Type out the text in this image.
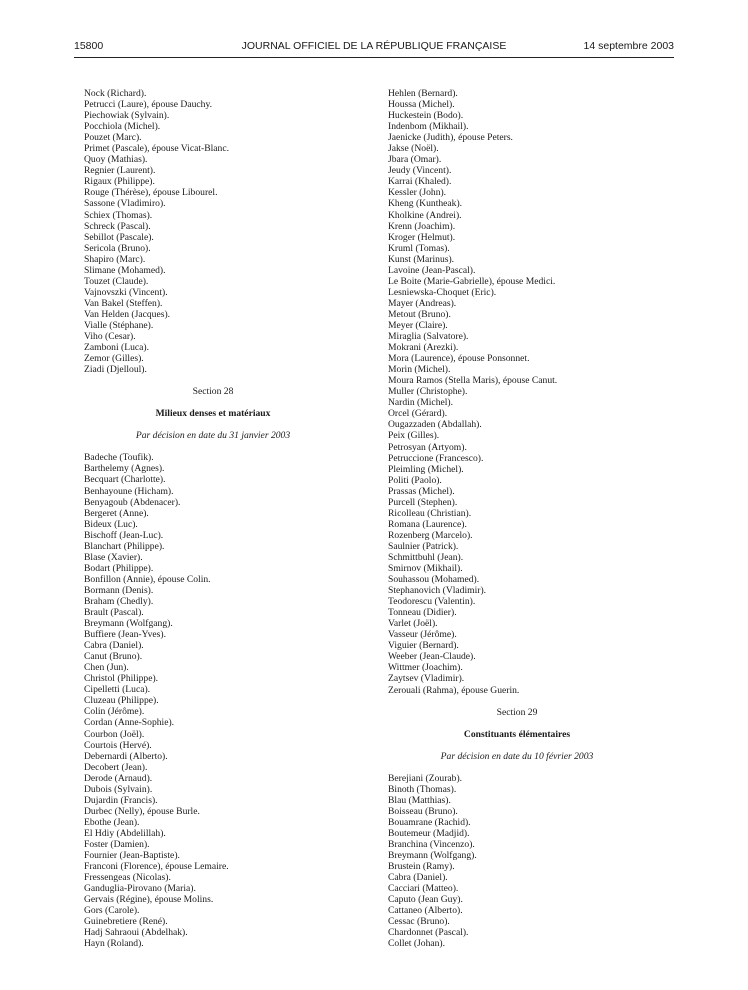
15800	JOURNAL OFFICIEL DE LA RÉPUBLIQUE FRANÇAISE	14 septembre 2003
Nock (Richard).
Petrucci (Laure), épouse Dauchy.
Piechowiak (Sylvain).
Pocchiola (Michel).
Pouzet (Marc).
Primet (Pascale), épouse Vicat-Blanc.
Quoy (Mathias).
Regnier (Laurent).
Rigaux (Philippe).
Rouge (Thérèse), épouse Libourel.
Sassone (Vladimiro).
Schiex (Thomas).
Schreck (Pascal).
Sebillot (Pascale).
Sericola (Bruno).
Shapiro (Marc).
Slimane (Mohamed).
Touzet (Claude).
Vajnovszki (Vincent).
Van Bakel (Steffen).
Van Helden (Jacques).
Vialle (Stéphane).
Viho (Cesar).
Zamboni (Luca).
Zemor (Gilles).
Ziadi (Djelloul).
Section 28
Milieux denses et matériaux
Par décision en date du 31 janvier 2003
Badeche (Toufik).
Barthelemy (Agnes).
Becquart (Charlotte).
Benhayoune (Hicham).
Benyagoub (Abdenacer).
Bergeret (Anne).
Bideux (Luc).
Bischoff (Jean-Luc).
Blanchart (Philippe).
Blase (Xavier).
Bodart (Philippe).
Bonfillon (Annie), épouse Colin.
Bormann (Denis).
Braham (Chedly).
Brault (Pascal).
Breymann (Wolfgang).
Buffiere (Jean-Yves).
Cabra (Daniel).
Canut (Bruno).
Chen (Jun).
Christol (Philippe).
Cipelletti (Luca).
Cluzeau (Philippe).
Colin (Jérôme).
Cordan (Anne-Sophie).
Courbon (Joël).
Courtois (Hervé).
Debernardi (Alberto).
Decobert (Jean).
Derode (Arnaud).
Dubois (Sylvain).
Dujardin (Francis).
Durbec (Nelly), épouse Burle.
Ebothe (Jean).
El Hdiy (Abdelillah).
Foster (Damien).
Fournier (Jean-Baptiste).
Franconi (Florence), épouse Lemaire.
Fressengeas (Nicolas).
Ganduglia-Pirovano (Maria).
Gervais (Régine), épouse Molins.
Gors (Carole).
Guinebretiere (René).
Hadj Sahraoui (Abdelhak).
Hayn (Roland).
Hehlen (Bernard).
Houssa (Michel).
Huckestein (Bodo).
Indenbom (Mikhail).
Jaenicke (Judith), épouse Peters.
Jakse (Noël).
Jbara (Omar).
Jeudy (Vincent).
Karrai (Khaled).
Kessler (John).
Kheng (Kuntheak).
Kholkine (Andrei).
Krenn (Joachim).
Kroger (Helmut).
Kruml (Tomas).
Kunst (Marinus).
Lavoine (Jean-Pascal).
Le Boite (Marie-Gabrielle), épouse Medici.
Lesniewska-Choquet (Eric).
Mayer (Andreas).
Metout (Bruno).
Meyer (Claire).
Miraglia (Salvatore).
Mokrani (Arezki).
Mora (Laurence), épouse Ponsonnet.
Morin (Michel).
Moura Ramos (Stella Maris), épouse Canut.
Muller (Christophe).
Nardin (Michel).
Orcel (Gérard).
Ougazzaden (Abdallah).
Peix (Gilles).
Petrosyan (Artyom).
Petruccione (Francesco).
Pleimling (Michel).
Politi (Paolo).
Prassas (Michel).
Purcell (Stephen).
Ricolleau (Christian).
Romana (Laurence).
Rozenberg (Marcelo).
Saulnier (Patrick).
Schmittbuhl (Jean).
Smirnov (Mikhail).
Souhassou (Mohamed).
Stephanovich (Vladimir).
Teodorescu (Valentin).
Tonneau (Didier).
Varlet (Joël).
Vasseur (Jérôme).
Viguier (Bernard).
Weeber (Jean-Claude).
Wittmer (Joachim).
Zaytsev (Vladimir).
Zerouali (Rahma), épouse Guerin.
Section 29
Constituants élémentaires
Par décision en date du 10 février 2003
Berejiani (Zourab).
Binoth (Thomas).
Blau (Matthias).
Boisseau (Bruno).
Bouamrane (Rachid).
Boutemeur (Madjid).
Branchina (Vincenzo).
Breymann (Wolfgang).
Brustein (Ramy).
Cabra (Daniel).
Cacciari (Matteo).
Caputo (Jean Guy).
Cattaneo (Alberto).
Cessac (Bruno).
Chardonnet (Pascal).
Collet (Johan).
